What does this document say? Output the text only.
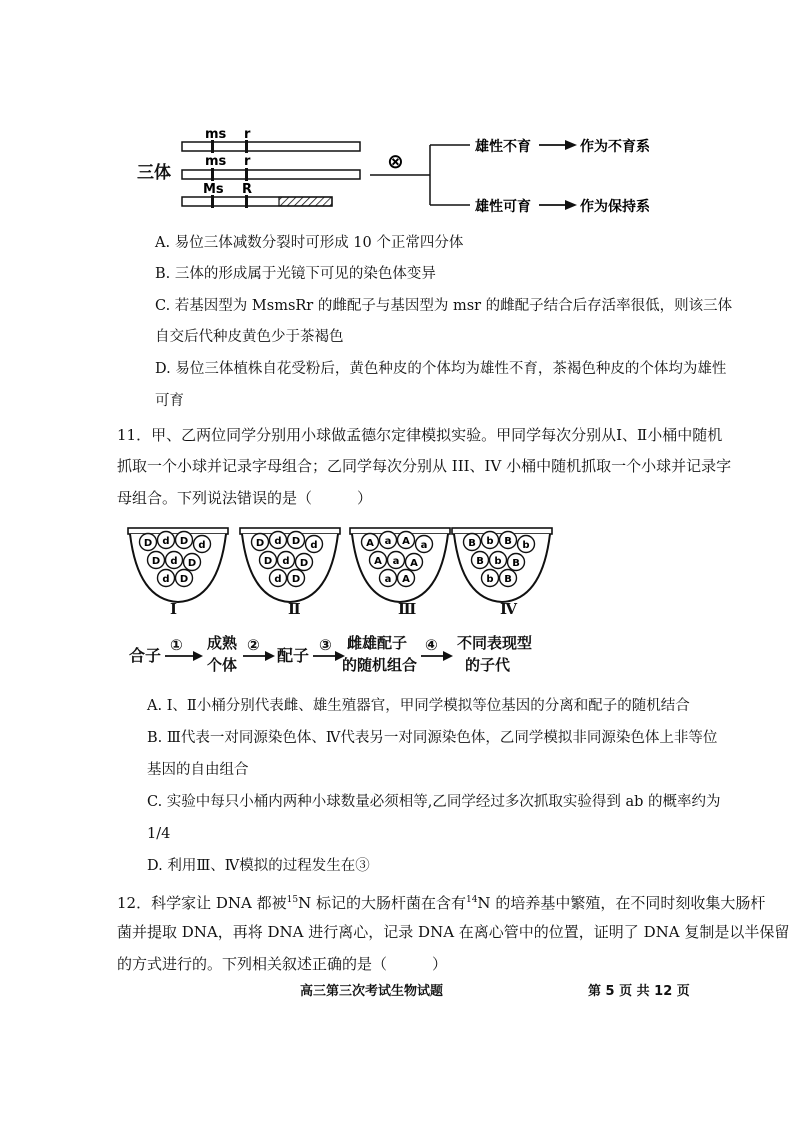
三体
ms r
ms r
Ms R
⊗
雄性不育	作为不育系
雄性可育	作为保持系
A. 易位三体减数分裂时可形成 10 个正常四分体
B. 三体的形成属于光镜下可见的染色体变异
C. 若基因型为 MsmsRr 的雌配子与基因型为 msr 的雌配子结合后存活率很低，则该三体
自交后代种皮黄色少于茶褐色
D. 易位三体植株自花受粉后，黄色种皮的个体均为雄性不育，茶褐色种皮的个体均为雄性
可育
11．甲、乙两位同学分别用小球做孟德尔定律模拟实验。甲同学每次分别从Ⅰ、Ⅱ小桶中随机
抓取一个小球并记录字母组合；乙同学每次分别从 III、IV 小桶中随机抓取一个小球并记录字
母组合。下列说法错误的是（　　　）
D d D d
D d D
d D
D d D d
D d D
d D
A a A a
A a A
a A
B b B b
B b B
b B
Ⅰ	Ⅱ	Ⅲ	Ⅳ
合子
① 成熟
个体
②
配子
③ 雌雄配子
的随机组合
④ 不同表现型
的子代
A. Ⅰ、Ⅱ小桶分别代表雌、雄生殖器官，甲同学模拟等位基因的分离和配子的随机结合
B. Ⅲ代表一对同源染色体、Ⅳ代表另一对同源染色体，乙同学模拟非同源染色体上非等位
基因的自由组合
C. 实验中每只小桶内两种小球数量必须相等,乙同学经过多次抓取实验得到 ab 的概率约为
1/4
D. 利用Ⅲ、Ⅳ模拟的过程发生在③
12．科学家让 DNA 都被$^{15}$N 标记的大肠杆菌在含有$^{14}$N 的培养基中繁殖，在不同时刻收集大肠杆
菌并提取 DNA，再将 DNA 进行离心，记录 DNA 在离心管中的位置，证明了 DNA 复制是以半保留
的方式进行的。下列相关叙述正确的是（　　　）
高三第三次考试生物试题	第 5 页 共 12 页
